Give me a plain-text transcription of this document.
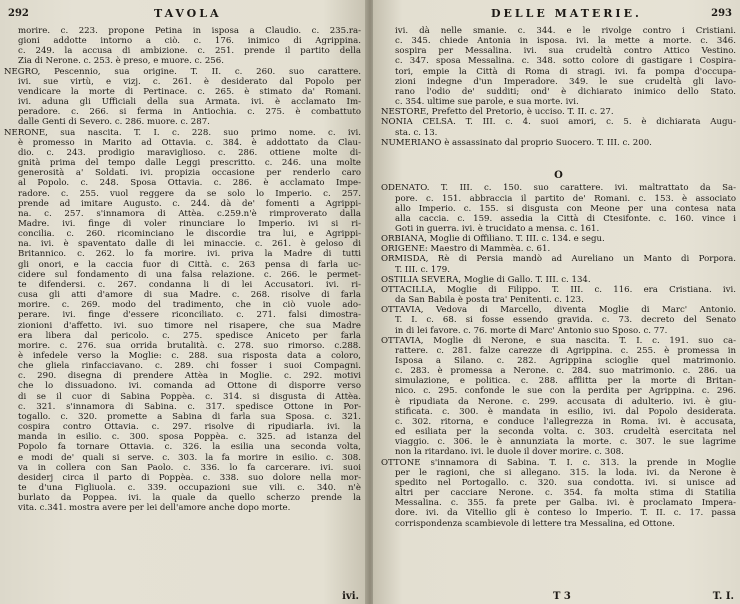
292	TAVOLA
morire. c. 223. propone Petina in isposa a Claudio. c. 235.ra-
gioni addotte intorno a ciò. c. 176. inimico di Agrippina.
c. 249. la accusa di ambizione. c. 251. prende il partito della
Zia di Nerone. c. 253. è preso, e muore. c. 256.
NEGRO, Pescennio, sua origine. T. II. c. 260. suo carattere.
ivi. sue virtù, e vizj. c. 261. è desiderato dal Popolo per
vendicare la morte di Pertinace. c. 265. è stimato da' Romani.
ivi. aduna gli Ufficiali della sua Armata. ivi. è acclamato Im-
peradore. c. 266. si ferma in Antiochia. c. 275. è combattuto
dalle Genti di Severo. c. 286. muore. c. 287.
NERONE, sua nascita. T. I. c. 228. suo primo nome. c. ivi.
è promesso in Marito ad Ottavia. c. 384. è addottato da Clau-
dio. c. 243. prodigio maraviglioso. c. 286. ottiene molte di-
gnità prima del tempo dalle Leggi prescritto. c. 246. una molte
generosità a' Soldati. ivi. propizia occasione per renderlo caro
al Popolo. c. 248. Sposa Ottavia. c. 286. è acclamato Impe-
radore. c. 255. vuol reggere da se solo lo Imperio. c. 257.
prende ad imitare Augusto. c. 244. dà de' fomenti a Agrippi-
na. c. 257. s'innamora di Attèa. c.259.n'è rimproverato dalla
Madre. ivi. finge di voler rinunciare lo Imperio. ivi si ri-
concilia. c. 260. ricominciano le discordie tra lui, e Agrippi-
na. ivi. è spaventato dalle di lei minaccie. c. 261. è geloso di
Britannico. c. 262. lo fa morire. ivi. priva la Madre di tutti
gli onori, e la caccia fuor di Città. c. 263 pensa di farla uc-
cidere sul fondamento di una falsa relazione. c. 266. le permet-
te difendersi. c. 267. condanna li di lei Accusatori. ivi. ri-
cusa gli atti d'amore di sua Madre. c. 268. risolve di farla
morire. c. 269. modo del tradimento, che in ciò vuole ado-
perare. ivi. finge d'essere riconciliato. c. 271. falsi dimostra-
zionioni d'affetto. ivi. suo timore nel risapere, che sua Madre
era libera dal pericolo. c. 275. spedisce Aniceto per farla
morire. c. 276. sua orrida brutalità. c. 278. suo rimorso. c.288.
è infedele verso la Moglie: c. 288. sua risposta data a coloro,
che gliela rinfacciavano. c. 289. chi fosser i suoi Compagni.
c. 290. disegna di prendere Attèa in Moglie. c. 292. motivi
che lo dissuadono. ivi. comanda ad Ottone di disporre verso
di se il cuor di Sabina Poppèa. c. 314. si disgusta di Attèa.
c. 321. s'innamora di Sabina. c. 317. spedisce Ottone in Por-
togallo. c. 320. promette a Sabina di farla sua Sposa. c. 321.
cospira contro Ottavia. c. 297. risolve di ripudiarla. ivi. la
manda in esilio. c. 300. sposa Poppèa. c. 325. ad istanza del
Popolo fa tornare Ottavia. c. 326. la esilia una seconda volta,
e modi de' quali si serve. c. 303. la fa morire in esilio. c. 308.
va in collera con San Paolo. c. 336. lo fa carcerare. ivi. suoi
desiderj circa il parto di Poppèa. c. 338. suo dolore nella mor-
te d'una Figliuola. c. 339. occupazioni sue vili. c. 340. n'è
burlato da Poppea. ivi. la quale da quello scherzo prende la
vita. c.341. mostra avere per lei dell'amore anche dopo morte.
ivi.
DELLE MATERIE.	293
ivi. dà nelle smanie. c. 344. e le rivolge contro i Cristiani.
c. 345. chiede Antonia in isposa. ivi. la mette a morte. c. 346.
sospira per Messalina. ivi. sua crudeltà contro Attico Vestino.
c. 347. sposa Messalina. c. 348. sotto colore di gastigare i Cospira-
tori, empie la Città di Roma di stragi. ivi. fa pompa d'occupa-
zioni indegne d'un Imperadore. 349. le sue crudeltà gli lavo-
rano l'odio de' sudditi; ond' è dichiarato inimico dello Stato.
c. 354. ultime sue parole, e sua morte. ivi.
NESTORE, Prefetto del Pretorio, è ucciso. T. II. c. 27.
NONIA CELSA. T. III. c. 4. suoi amori, c. 5. è dichiarata Augu-
sta. c. 13.
NUMERIANO è assassinato dal proprio Suocero. T. III. c. 200.

O
ODENATO. T. III. c. 150. suo carattere. ivi. maltrattato da Sa-
pore. c. 151. abbraccia il partito de' Romani. c. 153. è associato
allo Imperio. c. 155. si disgusta con Meone per una contesa nata
alla caccia. c. 159. assedia la Città di Ctesifonte. c. 160. vince i
Goti in guerra. ivi. è trucidato a mensa. c. 161.
ORBIANA, Moglie di Offiliano. T. III. c. 134. e segu.
ORIGENE: Maestro di Mammèa. c. 61.
ORMISDA, Rè di Persia mandò ad Aureliano un Manto di Porpora.
T. III. c. 179.
OSTILIA SEVERA, Moglie di Gallo. T. III. c. 134.
OTTACILLA, Moglie di Filippo. T. III. c. 116. era Cristiana. ivi.
da San Babila è posta tra' Penitenti. c. 123.
OTTAVIA, Vedova di Marcello, diventa Moglie di Marc' Antonio.
T. I. c. 68. si fosse essendo gravida. c. 73. decreto del Senato
in di lei favore. c. 76. morte di Marc' Antonio suo Sposo. c. 77.
OTTAVIA, Moglie di Nerone, e sua nascita. T. I. c. 191. suo ca-
rattere. c. 281. falze carezze di Agrippina. c. 255. è promessa in
Isposa a Silano. c. 282. Agrippina scioglie quel matrimonio.
c. 283. è promessa a Nerone. c. 284. suo matrimonio. c. 286. ua
simulazione, e politica. c. 288. afflitta per la morte di Britan-
nico. c. 295. confonde le sue con la perdita per Agrippina. c. 296.
è ripudiata da Nerone. c. 299. accusata di adulterio. ivi. è giu-
stificata. c. 300. è mandata in esilio, ivi. dal Popolo desiderata.
c. 302. ritorna, e conduce l'allegrezza in Roma. ivi. è accusata,
ed esiliata per la seconda volta. c. 303. crudeltà esercitata nel
viaggio. c. 306. le è annunziata la morte. c. 307. le sue lagrime
non la ritardano. ivi. le duole il dover morire. c. 308.
OTTONE s'innamora di Sabina. T. I. c. 313. la prende in Moglie
per le ragioni, che si allegano. 315. la loda. ivi. da Nerone è
spedito nel Portogallo. c. 320. sua condotta. ivi. si unisce ad
altri per cacciare Nerone. c. 354. fa molta stima di Statilia
Messalina. c. 355. fa prete per Galba. ivi. è proclamato Impera-
dore. ivi. da Vitellio gli è conteso lo Imperio. T. II. c. 17. passa
corrispondenza scambievole di lettere tra Messalina, ed Ottone.
T 3	T. I.
